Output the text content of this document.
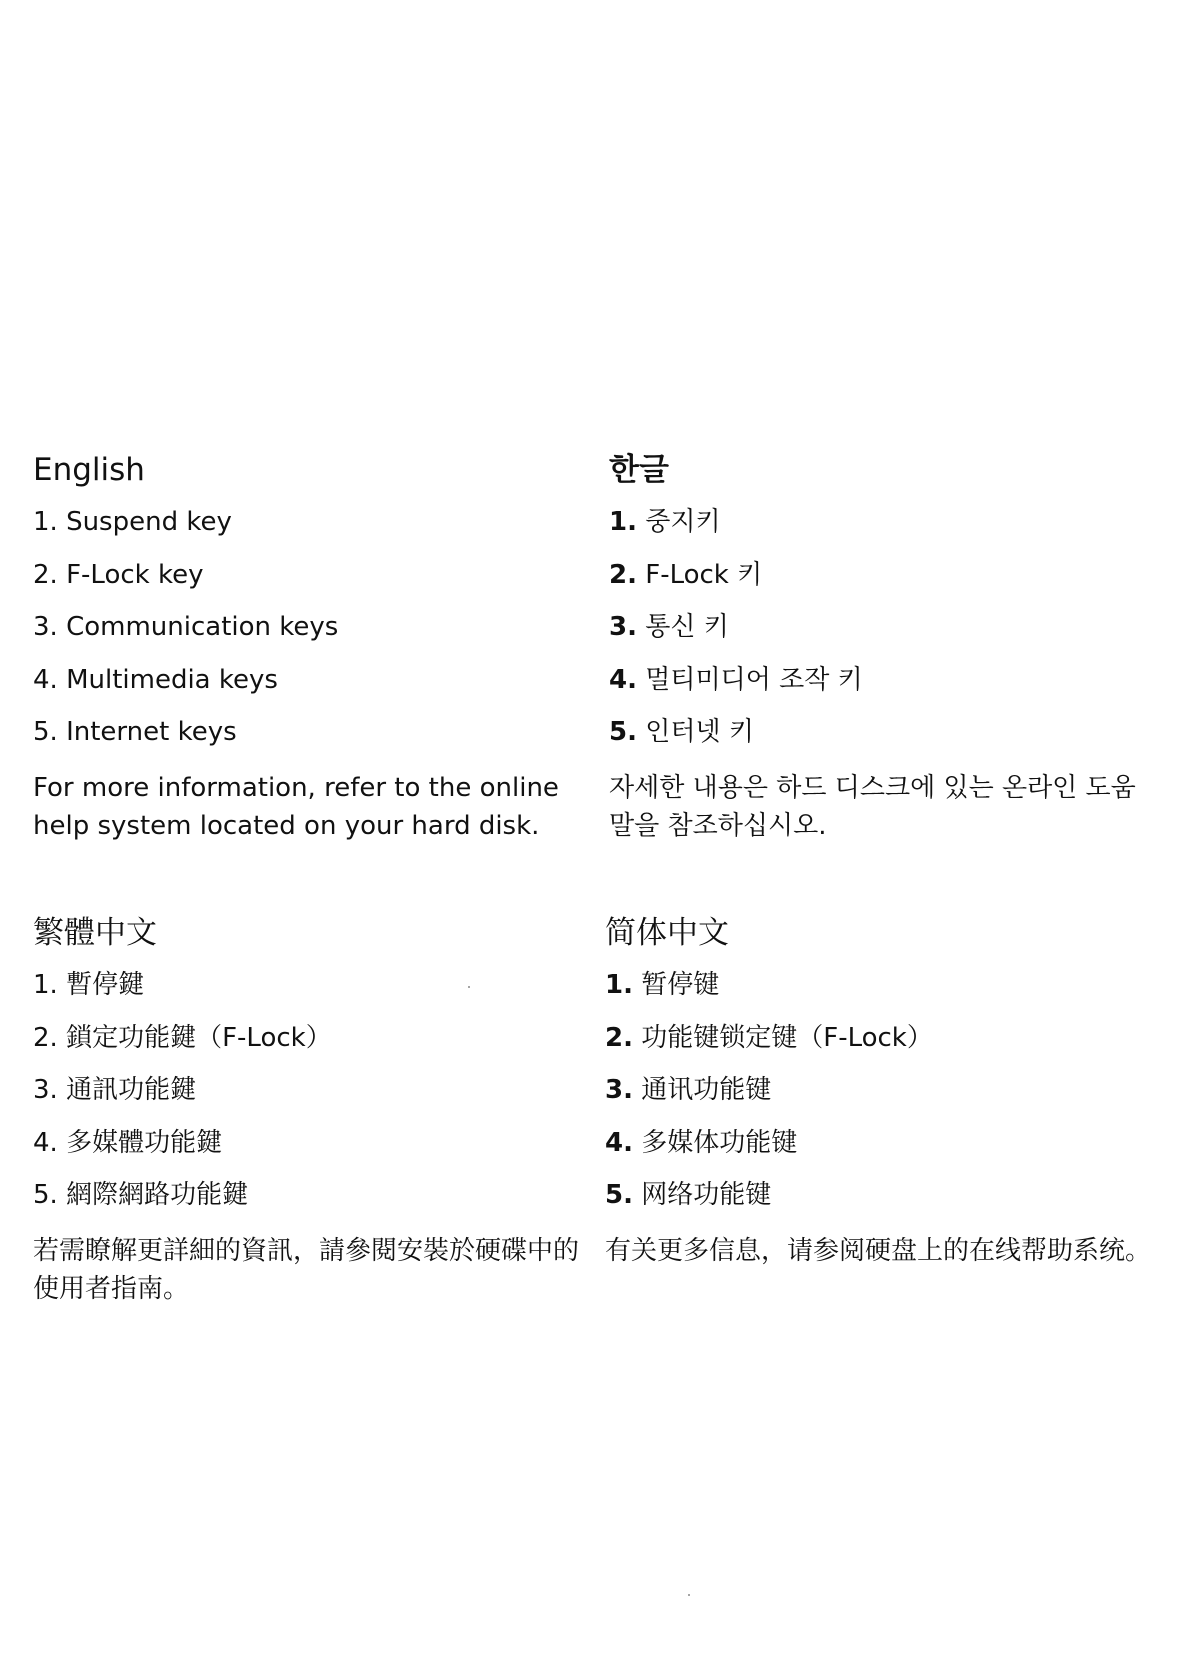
English
1. Suspend key
2. F-Lock key
3. Communication keys
4. Multimedia keys
5. Internet keys
For more information, refer to the online help system located on your hard disk.
한글
1. 중지키
2. F-Lock 키
3. 통신 키
4. 멀티미디어 조작 키
5. 인터넷 키
자세한 내용은 하드 디스크에 있는 온라인 도움말을 참조하십시오.
繁體中文
1. 暫停鍵
2. 鎖定功能鍵（F-Lock）
3. 通訊功能鍵
4. 多媒體功能鍵
5. 網際網路功能鍵
若需瞭解更詳細的資訊，請參閱安裝於硬碟中的使用者指南。
简体中文
1. 暂停键
2. 功能键锁定键（F-Lock）
3. 通讯功能键
4. 多媒体功能键
5. 网络功能键
有关更多信息，请参阅硬盘上的在线帮助系统。
